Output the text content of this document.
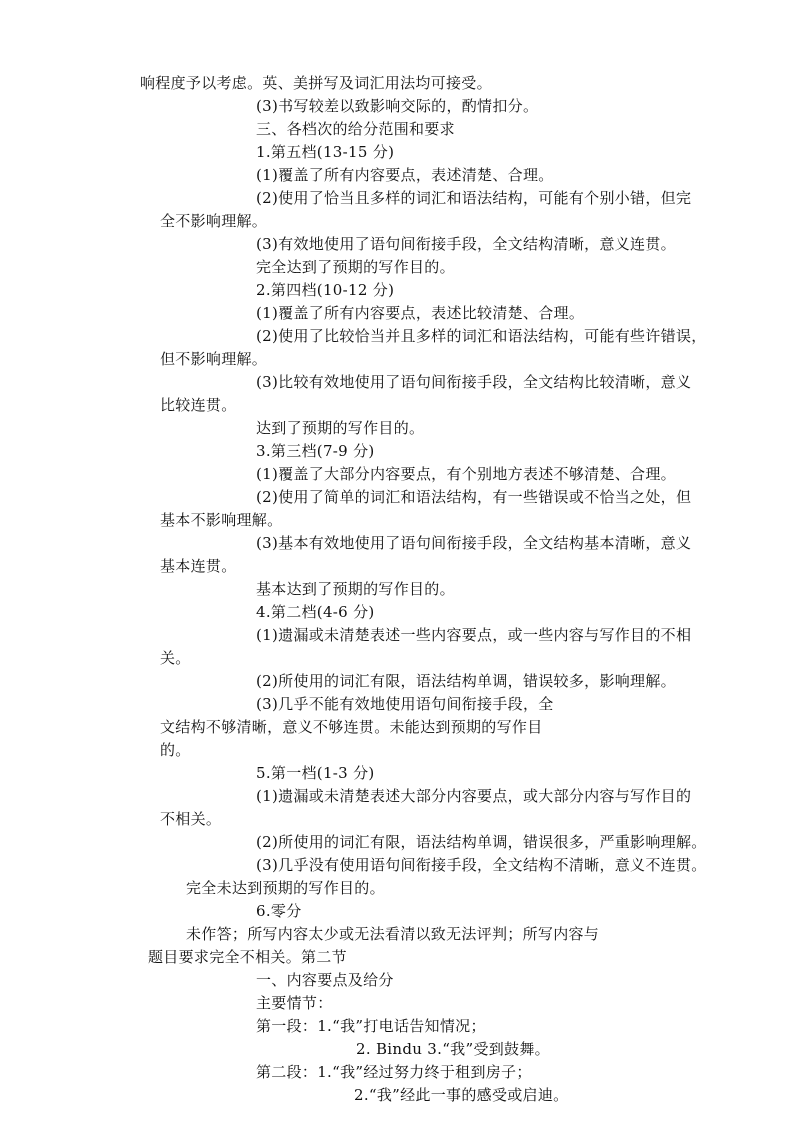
响程度予以考虑。英、美拼写及词汇用法均可接受。
(3)书写较差以致影响交际的，酌情扣分。
三、各档次的给分范围和要求
1.第五档(13-15 分)
(1)覆盖了所有内容要点，表述清楚、合理。
(2)使用了恰当且多样的词汇和语法结构，可能有个别小错，但完
全不影响理解。
(3)有效地使用了语句间衔接手段，全文结构清晰，意义连贯。
完全达到了预期的写作目的。
2.第四档(10-12 分)
(1)覆盖了所有内容要点，表述比较清楚、合理。
(2)使用了比较恰当并且多样的词汇和语法结构，可能有些许错误，
但不影响理解。
(3)比较有效地使用了语句间衔接手段，全文结构比较清晰，意义
比较连贯。
达到了预期的写作目的。
3.第三档(7-9 分)
(1)覆盖了大部分内容要点，有个别地方表述不够清楚、合理。
(2)使用了简单的词汇和语法结构，有一些错误或不恰当之处，但
基本不影响理解。
(3)基本有效地使用了语句间衔接手段，全文结构基本清晰，意义
基本连贯。
基本达到了预期的写作目的。
4.第二档(4-6 分)
(1)遗漏或未清楚表述一些内容要点，或一些内容与写作目的不相
关。
(2)所使用的词汇有限，语法结构单调，错误较多，影响理解。
(3)几乎不能有效地使用语句间衔接手段，全
文结构不够清晰，意义不够连贯。未能达到预期的写作目
的。
5.第一档(1-3 分)
(1)遗漏或未清楚表述大部分内容要点，或大部分内容与写作目的
不相关。
(2)所使用的词汇有限，语法结构单调，错误很多，严重影响理解。
(3)几乎没有使用语句间衔接手段，全文结构不清晰，意义不连贯。
完全未达到预期的写作目的。
6.零分
未作答；所写内容太少或无法看清以致无法评判；所写内容与
题目要求完全不相关。第二节
一、内容要点及给分
主要情节：
第一段：1.“我”打电话告知情况；
2. Bindu 3.“我”受到鼓舞。
第二段：1.“我”经过努力终于租到房子；
2.“我”经此一事的感受或启迪。
